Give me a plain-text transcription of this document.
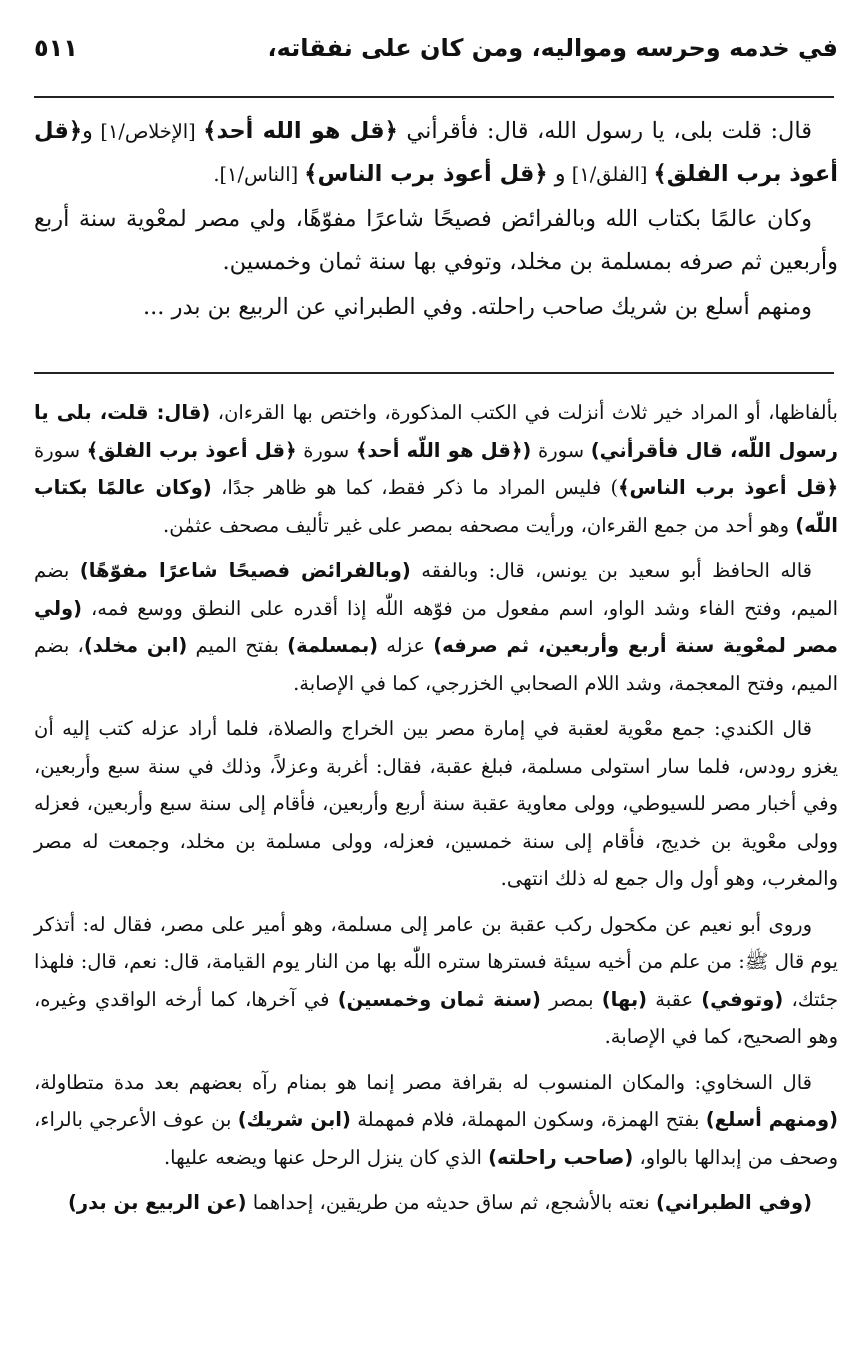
في خدمه وحرسه ومواليه، ومن كان على نفقاته،
٥١١

قال: قلت بلى، يا رسول الله، قال: فأقرأني ﴿قل هو الله أحد﴾ [الإخلاص/١] و﴿قل أعوذ برب الفلق﴾ [الفلق/١] و ﴿قل أعوذ برب الناس﴾ [الناس/١].

وكان عالمًا بكتاب الله وبالفرائض فصيحًا شاعرًا مفوّهًا، ولي مصر لمعْوية سنة أربع وأربعين ثم صرفه بمسلمة بن مخلد، وتوفي بها سنة ثمان وخمسين.

ومنهم أسلع بن شريك صاحب راحلته. وفي الطبراني عن الربيع بن بدر ...

بألفاظها، أو المراد خير ثلاث أنزلت في الكتب المذكورة، واختص بها القرءان، (قال: قلت، بلى يا رسول اللّه، قال فأقرأني) سورة (﴿قل هو اللّه أحد﴾ سورة ﴿قل أعوذ برب الفلق﴾ سورة ﴿قل أعوذ برب الناس﴾) فليس المراد ما ذكر فقط، كما هو ظاهر جدًا، (وكان عالمًا بكتاب اللّه) وهو أحد من جمع القرءان، ورأيت مصحفه بمصر على غير تأليف مصحف عثمٰن.

قاله الحافظ أبو سعيد بن يونس، قال: وبالفقه (وبالفرائض فصيحًا شاعرًا مفوّهًا) بضم الميم، وفتح الفاء وشد الواو، اسم مفعول من فوّهه اللّٰه إذا أقدره على النطق ووسع فمه، (ولي مصر لمعْوية سنة أربع وأربعين، ثم صرفه) عزله (بمسلمة) بفتح الميم (ابن مخلد)، بضم الميم، وفتح المعجمة، وشد اللام الصحابي الخزرجي، كما في الإصابة.

قال الكندي: جمع معْوية لعقبة في إمارة مصر بين الخراج والصلاة، فلما أراد عزله كتب إليه أن يغزو رودس، فلما سار استولى مسلمة، فبلغ عقبة، فقال: أغربة وعزلاً، وذلك في سنة سبع وأربعين، وفي أخبار مصر للسيوطي، وولى معاوية عقبة سنة أربع وأربعين، فأقام إلى سنة سبع وأربعين، فعزله وولى معْوية بن خديج، فأقام إلى سنة خمسين، فعزله، وولى مسلمة بن مخلد، وجمعت له مصر والمغرب، وهو أول وال جمع له ذلك انتهى.

وروى أبو نعيم عن مكحول ركب عقبة بن عامر إلى مسلمة، وهو أمير على مصر، فقال له: أتذكر يوم قال ﷺ: من علم من أخيه سيئة فسترها ستره اللّٰه بها من النار يوم القيامة، قال: نعم، قال: فلهذا جئتك، (وتوفي) عقبة (بها) بمصر (سنة ثمان وخمسين) في آخرها، كما أرخه الواقدي وغيره، وهو الصحيح، كما في الإصابة.

قال السخاوي: والمكان المنسوب له بقرافة مصر إنما هو بمنام رآه بعضهم بعد مدة متطاولة، (ومنهم أسلع) بفتح الهمزة، وسكون المهملة، فلام فمهملة (ابن شريك) بن عوف الأعرجي بالراء، وصحف من إبدالها بالواو، (صاحب راحلته) الذي كان ينزل الرحل عنها ويضعه عليها.

(وفي الطبراني) نعته بالأشجع، ثم ساق حديثه من طريقين، إحداهما (عن الربيع بن بدر)
